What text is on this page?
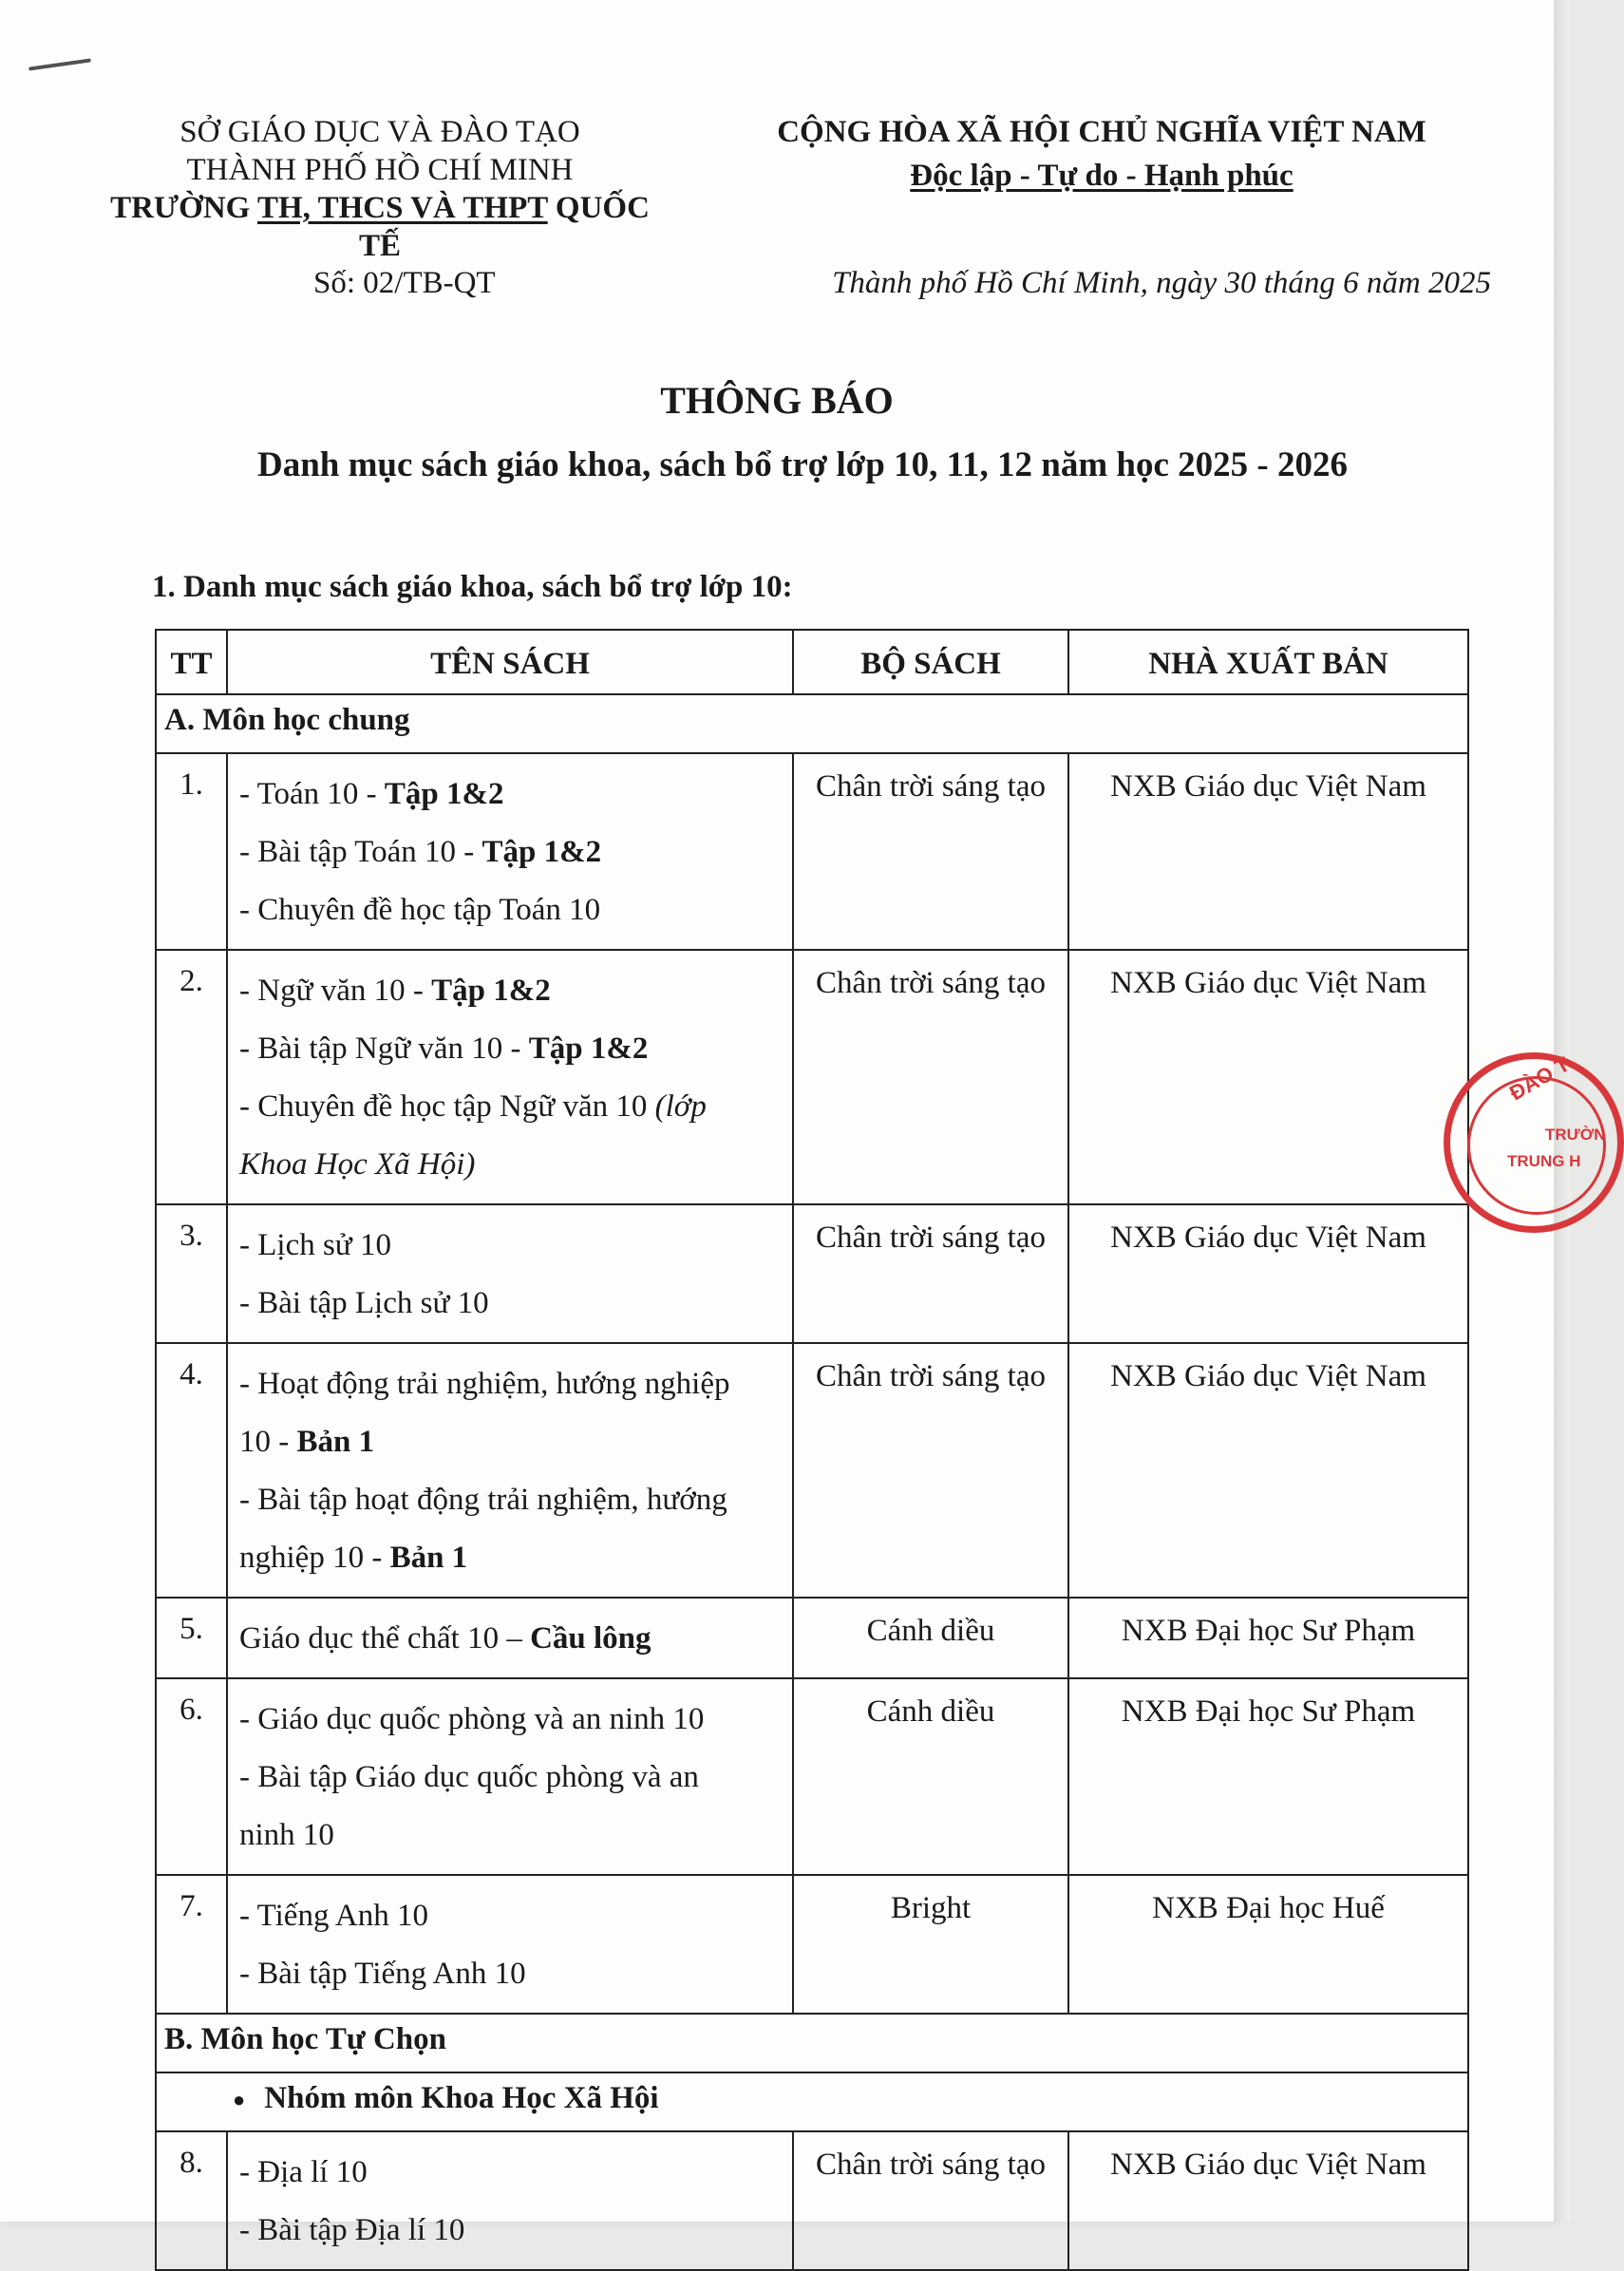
SỞ GIÁO DỤC VÀ ĐÀO TẠO
THÀNH PHỐ HỒ CHÍ MINH
TRƯỜNG TH, THCS VÀ THPT QUỐC TẾ
CỘNG HÒA XÃ HỘI CHỦ NGHĨA VIỆT NAM
Độc lập - Tự do - Hạnh phúc
Số: 02/TB-QT	Thành phố Hồ Chí Minh, ngày 30 tháng 6 năm 2025
THÔNG BÁO
Danh mục sách giáo khoa, sách bổ trợ lớp 10, 11, 12 năm học 2025 - 2026
1. Danh mục sách giáo khoa, sách bổ trợ lớp 10:
TT	TÊN SÁCH	BỘ SÁCH	NHÀ XUẤT BẢN
A. Môn học chung			
1.	- Toán 10 - Tập 1&2
- Bài tập Toán 10 - Tập 1&2
- Chuyên đề học tập Toán 10	Chân trời sáng tạo	NXB Giáo dục Việt Nam
2.	- Ngữ văn 10 - Tập 1&2
- Bài tập Ngữ văn 10 - Tập 1&2
- Chuyên đề học tập Ngữ văn 10 (lớp
Khoa Học Xã Hội)	Chân trời sáng tạo	NXB Giáo dục Việt Nam
3.	- Lịch sử 10
- Bài tập Lịch sử 10	Chân trời sáng tạo	NXB Giáo dục Việt Nam
4.	- Hoạt động trải nghiệm, hướng nghiệp
10 - Bản 1
- Bài tập hoạt động trải nghiệm, hướng
nghiệp 10 - Bản 1	Chân trời sáng tạo	NXB Giáo dục Việt Nam
5.	Giáo dục thể chất 10 – Cầu lông	Cánh diều	NXB Đại học Sư Phạm
6.	- Giáo dục quốc phòng và an ninh 10
- Bài tập Giáo dục quốc phòng và an
ninh 10	Cánh diều	NXB Đại học Sư Phạm
7.	- Tiếng Anh 10
- Bài tập Tiếng Anh 10	Bright	NXB Đại học Huế
B. Môn học Tự Chọn			
● Nhóm môn Khoa Học Xã Hội			
8.	- Địa lí 10
- Bài tập Địa lí 10	Chân trời sáng tạo	NXB Giáo dục Việt Nam
ĐÀO T
TRƯỜN
TRUNG H
